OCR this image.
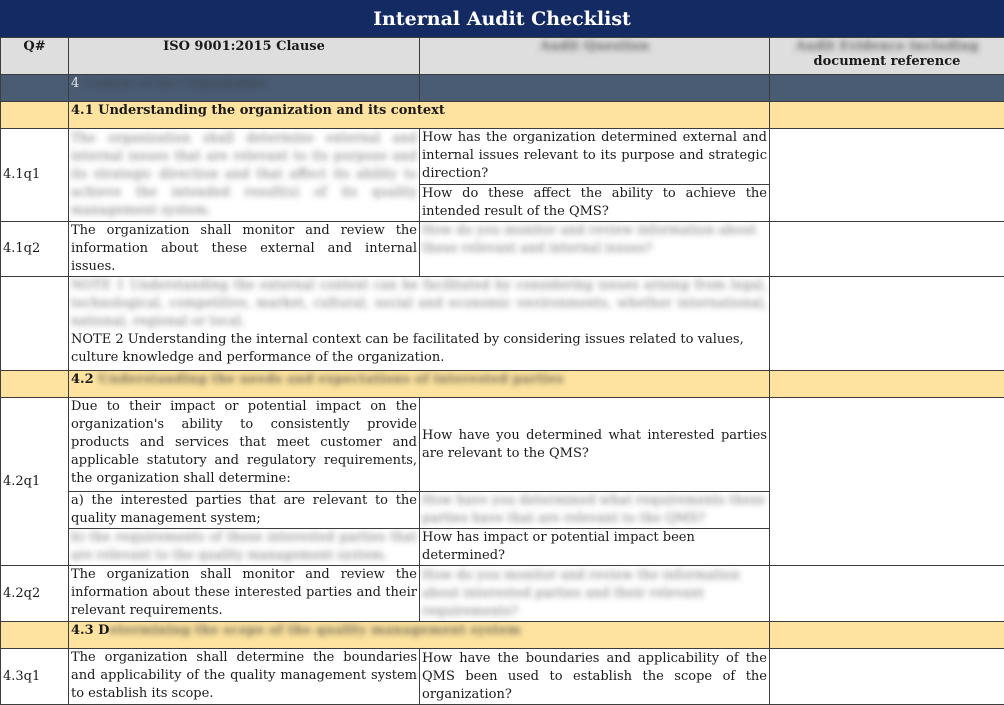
Internal Audit Checklist
Q#	ISO 9001:2015 Clause	Audit Question	Audit Evidence including
document reference

	4 Context of the Organization		
	4.1 Understanding the organization and its context		
4.1q1	The organization shall determine external and internal issues that are relevant to its purpose and its strategic direction and that affect its ability to achieve the intended result(s) of its quality management system.	How has the organization determined external and internal issues relevant to its purpose and strategic direction?	
		How do these affect the ability to achieve the intended result of the QMS?	
4.1q2	The organization shall monitor and review the information about these external and internal issues.	How do you monitor and review information about these relevant and internal issues?	

	NOTE 1 Understanding the external context can be facilitated by considering issues arising from legal, technological, competitive, market, cultural, social and economic environments, whether international, national, regional or local.
NOTE 2 Understanding the internal context can be facilitated by considering issues related to values, culture knowledge and performance of the organization.		

	4.2 Understanding the needs and expectations of interested parties		
4.2q1	Due to their impact or potential impact on the organization's ability to consistently provide products and services that meet customer and applicable statutory and regulatory requirements, the organization shall determine:	How have you determined what interested parties are relevant to the QMS?	
	a) the interested parties that are relevant to the quality management system;	How have you determined what requirements these parties have that are relevant to the QMS?	
	b) the requirements of these interested parties that are relevant to the quality management system.	How has impact or potential impact been determined?	
4.2q2	The organization shall monitor and review the information about these interested parties and their relevant requirements.	How do you monitor and review the information about interested parties and their relevant requirements?	
	4.3 Determining the scope of the quality management system		
4.3q1	The organization shall determine the boundaries and applicability of the quality management system to establish its scope.	How have the boundaries and applicability of the QMS been used to establish the scope of the organization?	
